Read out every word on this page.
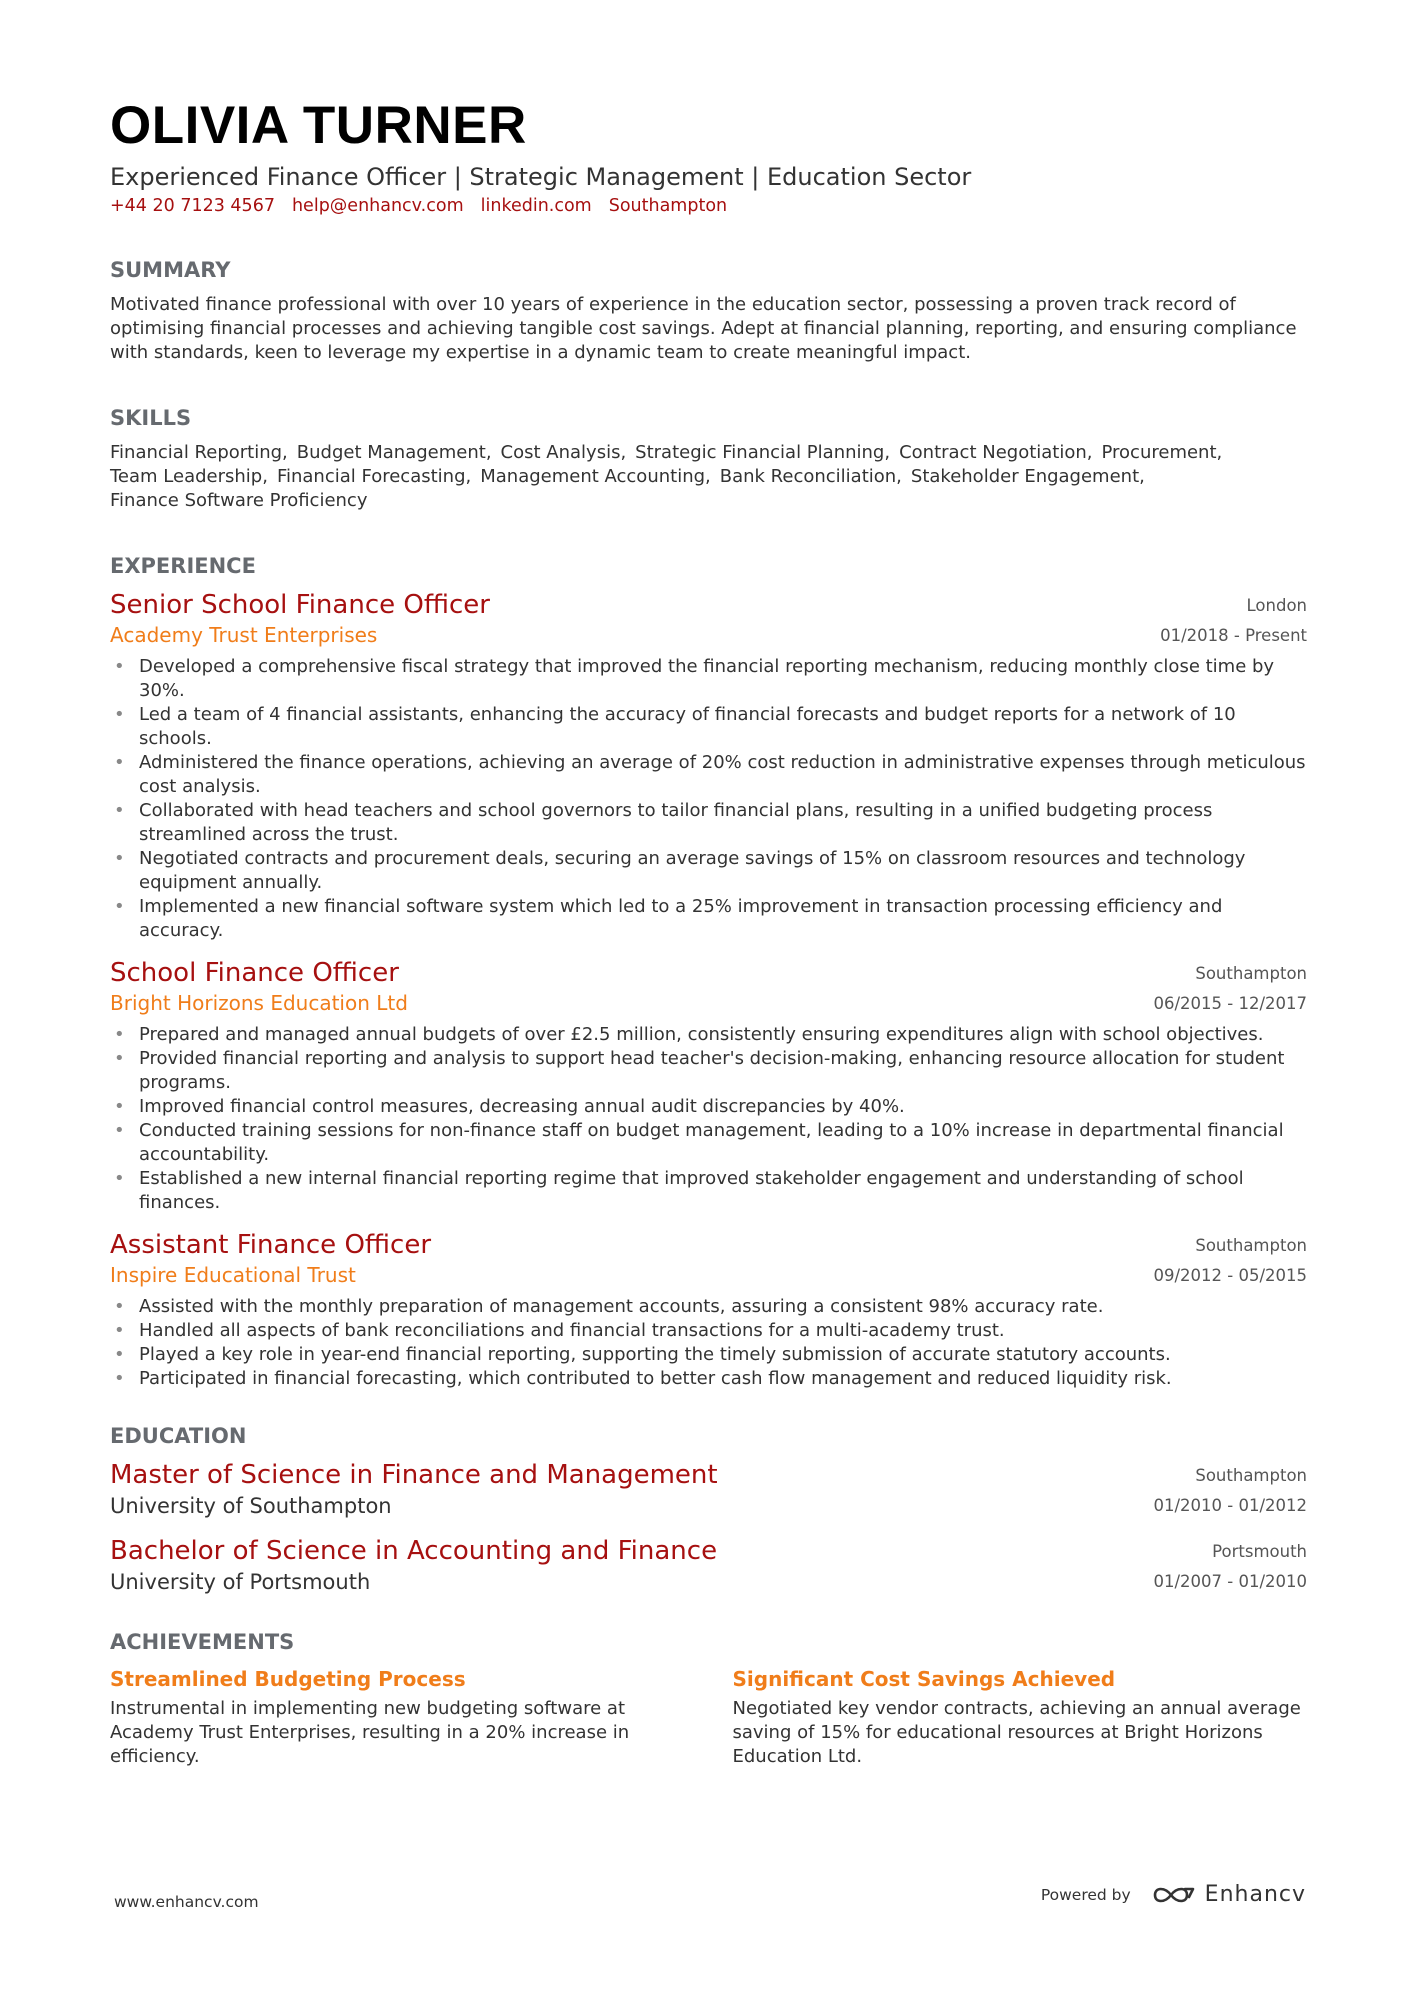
OLIVIA TURNER
Experienced Finance Officer | Strategic Management | Education Sector
+44 20 7123 4567 help@enhancv.com linkedin.com Southampton
SUMMARY
Motivated finance professional with over 10 years of experience in the education sector, possessing a proven track record of optimising financial processes and achieving tangible cost savings. Adept at financial planning, reporting, and ensuring compliance with standards, keen to leverage my expertise in a dynamic team to create meaningful impact.
SKILLS
Financial Reporting, Budget Management, Cost Analysis, Strategic Financial Planning, Contract Negotiation, Procurement,
Team Leadership, Financial Forecasting, Management Accounting, Bank Reconciliation, Stakeholder Engagement,
Finance Software Proficiency
EXPERIENCE
Senior School Finance Officer
Academy Trust Enterprises
London
01/2018 - Present
• Developed a comprehensive fiscal strategy that improved the financial reporting mechanism, reducing monthly close time by 30%.
• Led a team of 4 financial assistants, enhancing the accuracy of financial forecasts and budget reports for a network of 10 schools.
• Administered the finance operations, achieving an average of 20% cost reduction in administrative expenses through meticulous cost analysis.
• Collaborated with head teachers and school governors to tailor financial plans, resulting in a unified budgeting process streamlined across the trust.
• Negotiated contracts and procurement deals, securing an average savings of 15% on classroom resources and technology equipment annually.
• Implemented a new financial software system which led to a 25% improvement in transaction processing efficiency and accuracy.
School Finance Officer
Bright Horizons Education Ltd
Southampton
06/2015 - 12/2017
• Prepared and managed annual budgets of over £2.5 million, consistently ensuring expenditures align with school objectives.
• Provided financial reporting and analysis to support head teacher's decision-making, enhancing resource allocation for student programs.
• Improved financial control measures, decreasing annual audit discrepancies by 40%.
• Conducted training sessions for non-finance staff on budget management, leading to a 10% increase in departmental financial accountability.
• Established a new internal financial reporting regime that improved stakeholder engagement and understanding of school finances.
Assistant Finance Officer
Inspire Educational Trust
Southampton
09/2012 - 05/2015
• Assisted with the monthly preparation of management accounts, assuring a consistent 98% accuracy rate.
• Handled all aspects of bank reconciliations and financial transactions for a multi-academy trust.
• Played a key role in year-end financial reporting, supporting the timely submission of accurate statutory accounts.
• Participated in financial forecasting, which contributed to better cash flow management and reduced liquidity risk.
EDUCATION
Master of Science in Finance and Management
University of Southampton
Southampton
01/2010 - 01/2012
Bachelor of Science in Accounting and Finance
University of Portsmouth
Portsmouth
01/2007 - 01/2010
ACHIEVEMENTS
Streamlined Budgeting Process
Instrumental in implementing new budgeting software at Academy Trust Enterprises, resulting in a 20% increase in efficiency.
Significant Cost Savings Achieved
Negotiated key vendor contracts, achieving an annual average saving of 15% for educational resources at Bright Horizons Education Ltd.
www.enhancv.com	Powered by	Enhancv
